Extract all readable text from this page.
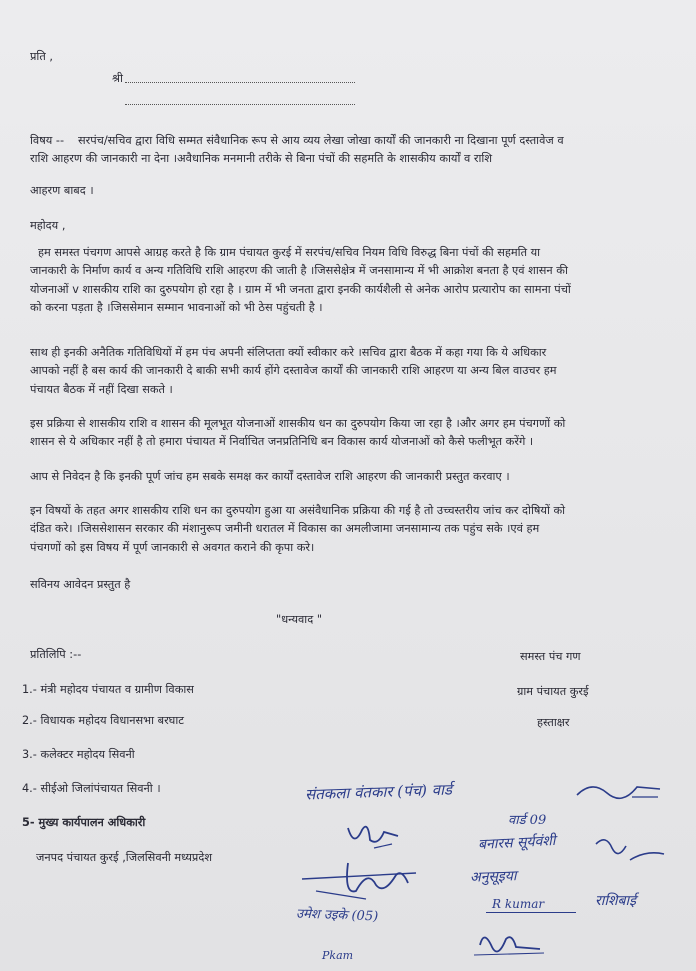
प्रति ,
श्री
विषय -- सरपंच/सचिव द्वारा विधि सम्मत संवैधानिक रूप से आय व्यय लेखा जोखा कार्यों की जानकारी ना दिखाना पूर्ण दस्तावेज व
राशि आहरण की जानकारी ना देना ।अवैधानिक मनमानी तरीके से बिना पंचों की सहमति के शासकीय कार्यों व राशि
आहरण बाबद ।
महोदय ,
हम समस्त पंचगण आपसे आग्रह करते है कि ग्राम पंचायत कुरई में सरपंच/सचिव नियम विधि विरुद्ध बिना पंचों की सहमति या
जानकारी के निर्माण कार्य व अन्य गतिविधि राशि आहरण की जाती है ।जिससेक्षेत्र में जनसामान्य में भी आक्रोश बनता है एवं शासन की
योजनाओं v शासकीय राशि का दुरुपयोग हो रहा है । ग्राम में भी जनता द्वारा इनकी कार्यशैली से अनेक आरोप प्रत्यारोप का सामना पंचों
को करना पड़ता है ।जिससेमान सम्मान भावनाओं को भी ठेस पहुंचती है ।
साथ ही इनकी अनैतिक गतिविधियों में हम पंच अपनी संलिप्तता क्यों स्वीकार करे ।सचिव द्वारा बैठक में कहा गया कि ये अधिकार
आपको नहीं है बस कार्य की जानकारी दे बाकी सभी कार्य होंगे दस्तावेज कार्यों की जानकारी राशि आहरण या अन्य बिल वाउचर हम
पंचायत बैठक में नहीं दिखा सकते ।
इस प्रक्रिया से शासकीय राशि व शासन की मूलभूत योजनाओं शासकीय धन का दुरुपयोग किया जा रहा है ।और अगर हम पंचगणों को
शासन से ये अधिकार नहीं है तो हमारा पंचायत में निर्वाचित जनप्रतिनिधि बन विकास कार्य योजनाओं को कैसे फलीभूत करेंगे ।
आप से निवेदन है कि इनकी पूर्ण जांच हम सबके समक्ष कर कार्यों दस्तावेज राशि आहरण की जानकारी प्रस्तुत करवाए ।
इन विषयों के तहत अगर शासकीय राशि धन का दुरुपयोग हुआ या असंवैधानिक प्रक्रिया की गई है तो उच्चस्तरीय जांच कर दोषियों को
दंडित करे। ।जिससेशासन सरकार की मंशानुरूप जमीनी धरातल में विकास का अमलीजामा जनसामान्य तक पहुंच सके ।एवं हम
पंचगणों को इस विषय में पूर्ण जानकारी से अवगत कराने की कृपा करे।
सविनय आवेदन प्रस्तुत है
"धन्यवाद "
प्रतिलिपि :--
1.- मंत्री महोदय पंचायत व ग्रामीण विकास
2.- विधायक महोदय विधानसभा बरघाट
3.- कलेक्टर महोदय सिवनी
4.- सीईओ जिलांपंचायत सिवनी ।
5- मुख्य कार्यपालन अधिकारी
जनपद पंचायत कुरई ,जिलसिवनी मध्यप्रदेश
समस्त पंच गण
ग्राम पंचायत कुरई
हस्ताक्षर
संतकला वंतकार (पंच) वार्ड
वार्ड 09
बनारस सूर्यवंशी
अनुसूइया
उमेश उइके (05)
R kumar	राशिबाई
Pkam
